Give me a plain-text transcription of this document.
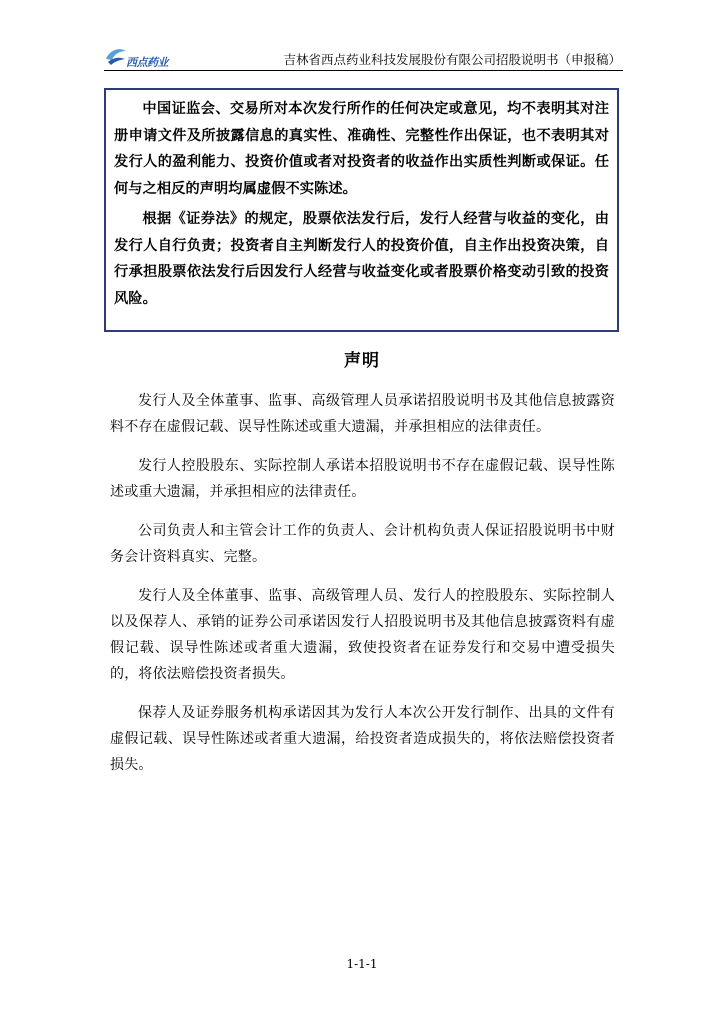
西点药业	吉林省西点药业科技发展股份有限公司招股说明书（申报稿）

中国证监会、交易所对本次发行所作的任何决定或意见，均不表明其对注册申请文件及所披露信息的真实性、准确性、完整性作出保证，也不表明其对发行人的盈利能力、投资价值或者对投资者的收益作出实质性判断或保证。任何与之相反的声明均属虚假不实陈述。

根据《证券法》的规定，股票依法发行后，发行人经营与收益的变化，由发行人自行负责；投资者自主判断发行人的投资价值，自主作出投资决策，自行承担股票依法发行后因发行人经营与收益变化或者股票价格变动引致的投资风险。

声明

发行人及全体董事、监事、高级管理人员承诺招股说明书及其他信息披露资料不存在虚假记载、误导性陈述或重大遗漏，并承担相应的法律责任。

发行人控股股东、实际控制人承诺本招股说明书不存在虚假记载、误导性陈述或重大遗漏，并承担相应的法律责任。

公司负责人和主管会计工作的负责人、会计机构负责人保证招股说明书中财务会计资料真实、完整。

发行人及全体董事、监事、高级管理人员、发行人的控股股东、实际控制人以及保荐人、承销的证券公司承诺因发行人招股说明书及其他信息披露资料有虚假记载、误导性陈述或者重大遗漏，致使投资者在证券发行和交易中遭受损失的，将依法赔偿投资者损失。

保荐人及证券服务机构承诺因其为发行人本次公开发行制作、出具的文件有虚假记载、误导性陈述或者重大遗漏，给投资者造成损失的，将依法赔偿投资者损失。

1-1-1
